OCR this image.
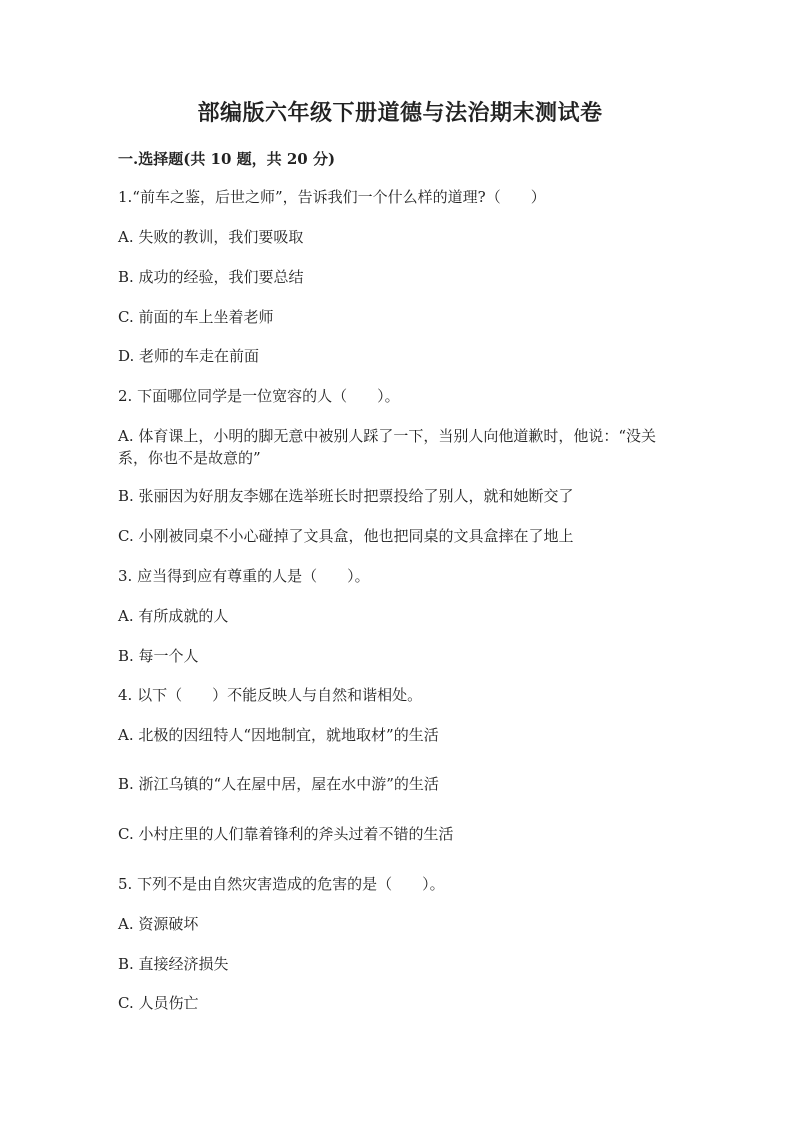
部编版六年级下册道德与法治期末测试卷
一.选择题(共 10 题，共 20 分)
1.“前车之鉴，后世之师”，告诉我们一个什么样的道理?（　　）
A. 失败的教训，我们要吸取
B. 成功的经验，我们要总结
C. 前面的车上坐着老师
D. 老师的车走在前面
2. 下面哪位同学是一位宽容的人（　　）。
A. 体育课上，小明的脚无意中被别人踩了一下，当别人向他道歉时，他说：“没关系，你也不是故意的”
B. 张丽因为好朋友李娜在选举班长时把票投给了别人，就和她断交了
C. 小刚被同桌不小心碰掉了文具盒，他也把同桌的文具盒摔在了地上
3. 应当得到应有尊重的人是（　　）。
A. 有所成就的人
B. 每一个人
4. 以下（　　）不能反映人与自然和谐相处。
A. 北极的因纽特人“因地制宜，就地取材”的生活
B. 浙江乌镇的“人在屋中居，屋在水中游”的生活
C. 小村庄里的人们靠着锋利的斧头过着不错的生活
5. 下列不是由自然灾害造成的危害的是（　　）。
A. 资源破坏
B. 直接经济损失
C. 人员伤亡
